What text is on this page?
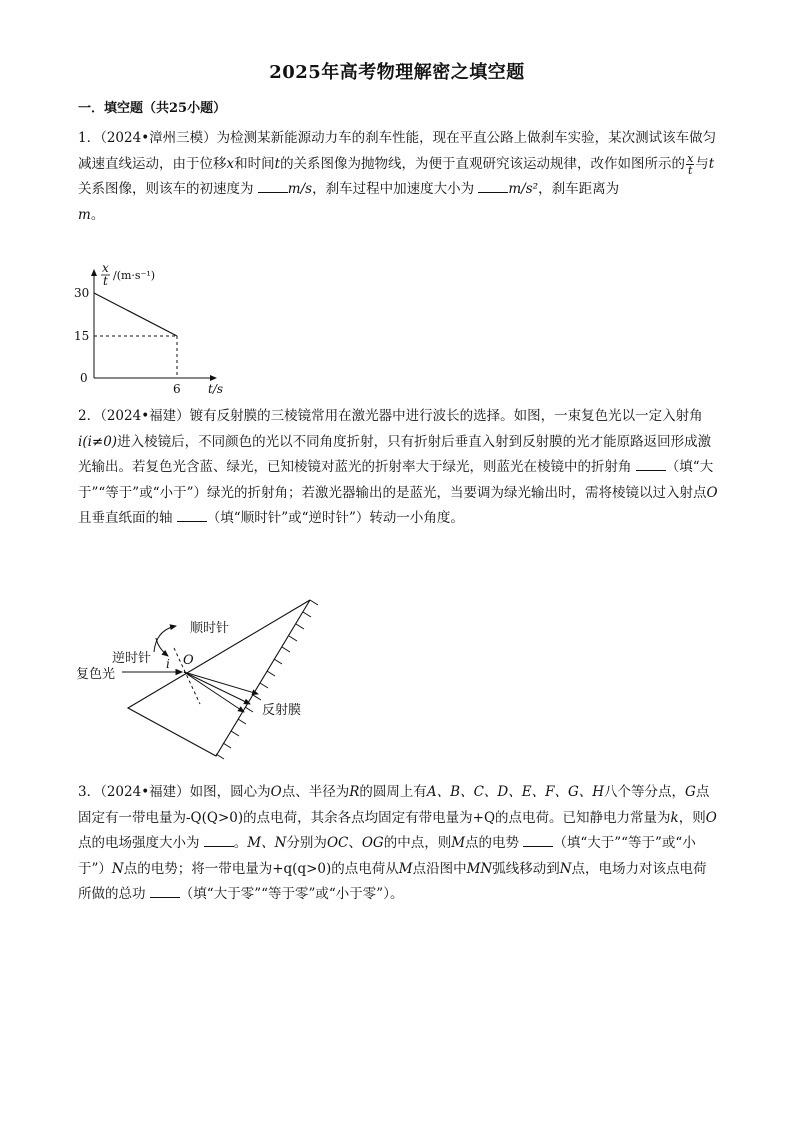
2025年高考物理解密之填空题
一．填空题（共25小题）
1．（2024•漳州三模）为检测某新能源动力车的刹车性能，现在平直公路上做刹车实验，某次测试该车做匀减速直线运动，由于位移x和时间t的关系图像为抛物线，为便于直观研究该运动规律，改作如图所示的 $\frac{x}{t}$ 与t关系图像，则该车的初速度为	m/s，刹车过程中加速度大小为	m/s²，刹车距离为
m。
x
t /(m·s⁻¹)
30
15
0
6 t/s
2．（2024•福建）镀有反射膜的三棱镜常用在激光器中进行波长的选择。如图，一束复色光以一定入射角i(i≠0)进入棱镜后，不同颜色的光以不同角度折射，只有折射后垂直入射到反射膜的光才能原路返回形成激光输出。若复色光含蓝、绿光，已知棱镜对蓝光的折射率大于绿光，则蓝光在棱镜中的折射角	（填“大于”“等于”或“小于”）绿光的折射角；若激光器输出的是蓝光，当要调为绿光输出时，需将棱镜以过入射点O且垂直纸面的轴	（填“顺时针”或“逆时针”）转动一小角度。
顺时针
逆时针
复色光
i O
反射膜
3．（2024•福建）如图，圆心为O点、半径为R的圆周上有A、B、C、D、E、F、G、H八个等分点，G点固定有一带电量为-Q(Q>0)的点电荷，其余各点均固定有带电量为+Q的点电荷。已知静电力常量为k，则O点的电场强度大小为	。M、N分别为OC、OG的中点，则M点的电势	（填“大于”“等于”或“小于”）N点的电势；将一带电量为+q(q>0)的点电荷从M点沿图中MN弧线移动到N点，电场力对该点电荷所做的总功	（填“大于零”“等于零”或“小于零”）。
